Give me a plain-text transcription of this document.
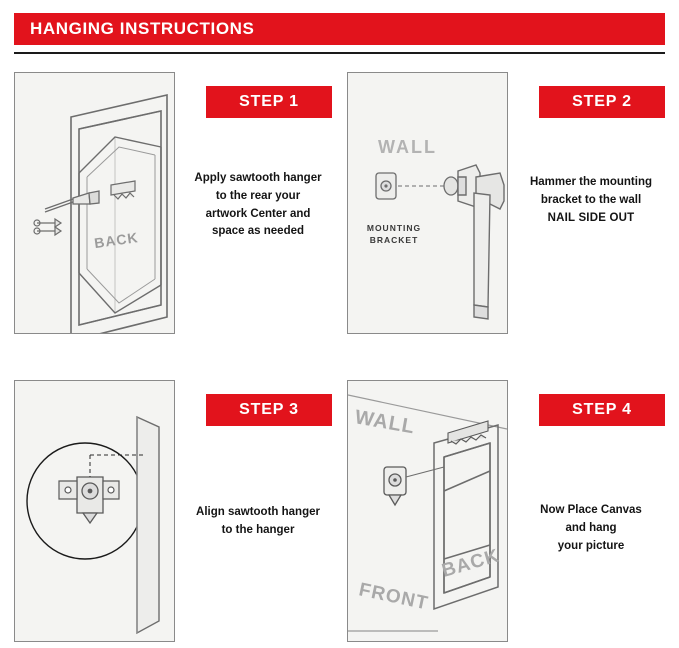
HANGING INSTRUCTIONS
BACK
STEP 1
Apply sawtooth hanger
to the rear your
artwork Center and
space as needed
WALL
MOUNTING
BRACKET
STEP 2
Hammer the mounting
bracket to the wall
NAIL SIDE OUT
STEP 3
Align sawtooth hanger
to the hanger
WALL
FRONT
BACK
STEP 4
Now Place Canvas
and hang
your picture
